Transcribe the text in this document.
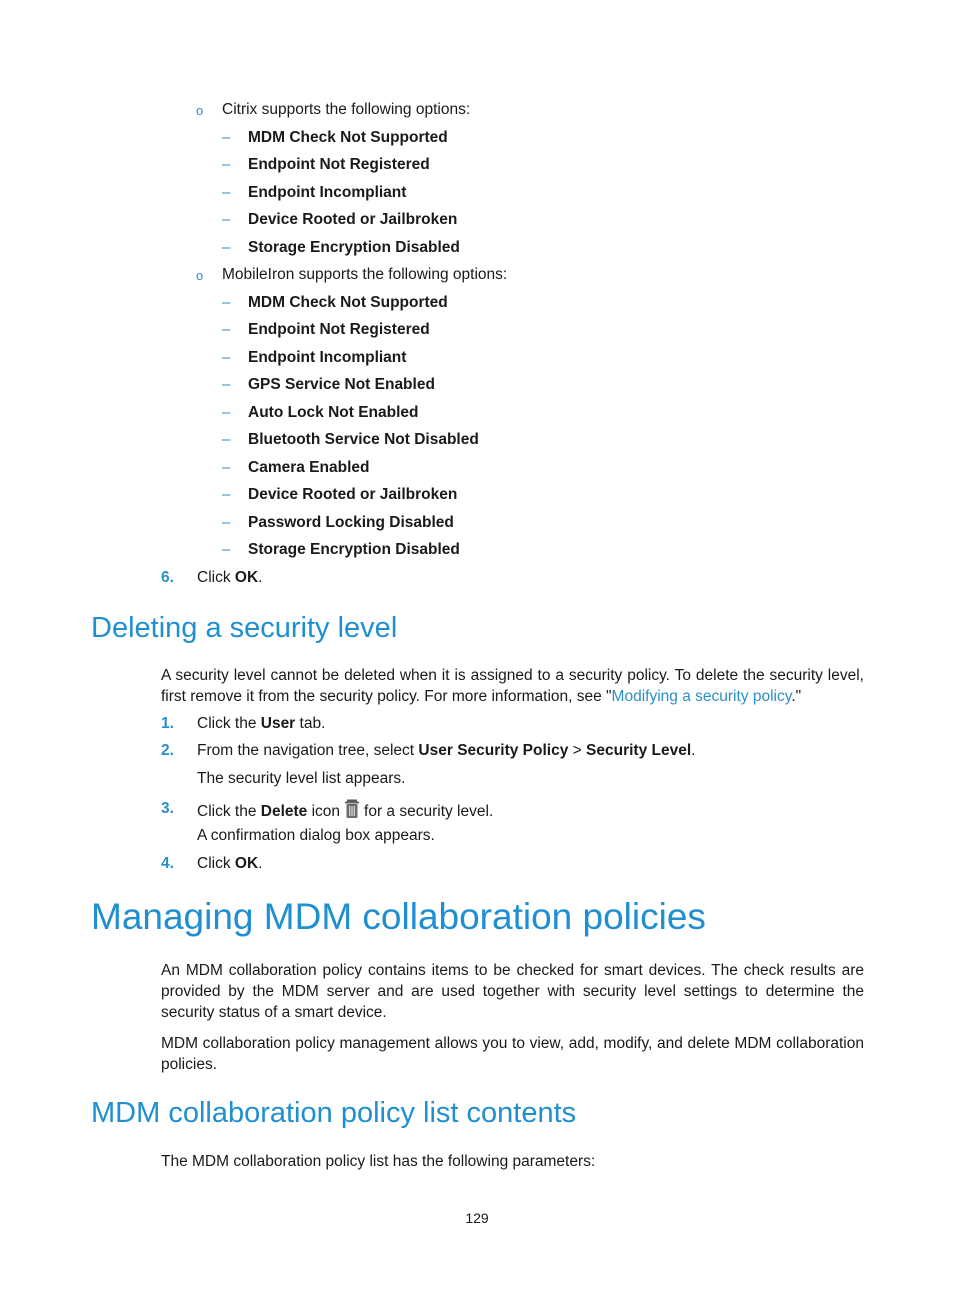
o Citrix supports the following options:
– MDM Check Not Supported
– Endpoint Not Registered
– Endpoint Incompliant
– Device Rooted or Jailbroken
– Storage Encryption Disabled
o MobileIron supports the following options:
– MDM Check Not Supported
– Endpoint Not Registered
– Endpoint Incompliant
– GPS Service Not Enabled
– Auto Lock Not Enabled
– Bluetooth Service Not Disabled
– Camera Enabled
– Device Rooted or Jailbroken
– Password Locking Disabled
– Storage Encryption Disabled
6. Click OK.
Deleting a security level
A security level cannot be deleted when it is assigned to a security policy. To delete the security level, first remove it from the security policy. For more information, see "Modifying a security policy."
1. Click the User tab.
2. From the navigation tree, select User Security Policy > Security Level.
The security level list appears.
3. Click the Delete icon for a security level.
A confirmation dialog box appears.
4. Click OK.
Managing MDM collaboration policies
An MDM collaboration policy contains items to be checked for smart devices. The check results are provided by the MDM server and are used together with security level settings to determine the security status of a smart device.
MDM collaboration policy management allows you to view, add, modify, and delete MDM collaboration policies.
MDM collaboration policy list contents
The MDM collaboration policy list has the following parameters:
129
